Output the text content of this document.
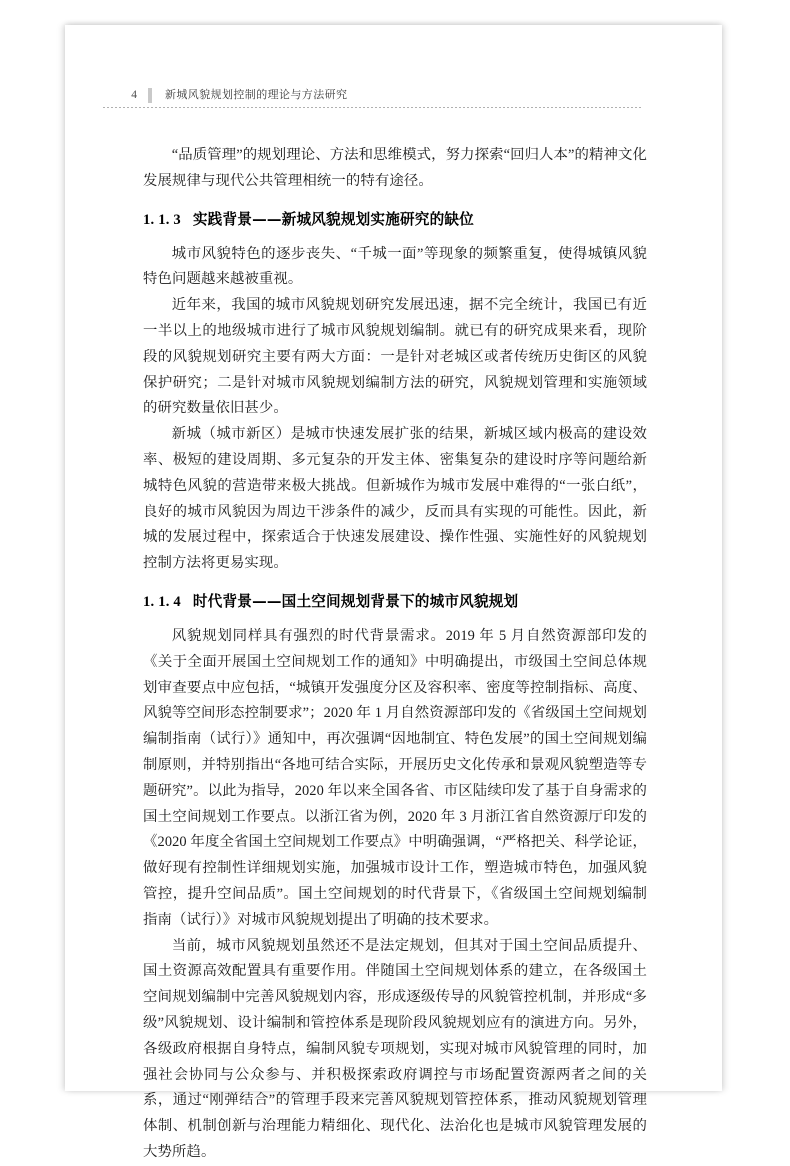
4	新城风貌规划控制的理论与方法研究

“品质管理”的规划理论、方法和思维模式，努力探索“回归人本”的精神文化发展规律与现代公共管理相统一的特有途径。

1. 1. 3 实践背景——新城风貌规划实施研究的缺位

城市风貌特色的逐步丧失、“千城一面”等现象的频繁重复，使得城镇风貌特色问题越来越被重视。

近年来，我国的城市风貌规划研究发展迅速，据不完全统计，我国已有近一半以上的地级城市进行了城市风貌规划编制。就已有的研究成果来看，现阶段的风貌规划研究主要有两大方面：一是针对老城区或者传统历史街区的风貌保护研究；二是针对城市风貌规划编制方法的研究，风貌规划管理和实施领域的研究数量依旧甚少。

新城（城市新区）是城市快速发展扩张的结果，新城区域内极高的建设效率、极短的建设周期、多元复杂的开发主体、密集复杂的建设时序等问题给新城特色风貌的营造带来极大挑战。但新城作为城市发展中难得的“一张白纸”，良好的城市风貌因为周边干涉条件的减少，反而具有实现的可能性。因此，新城的发展过程中，探索适合于快速发展建设、操作性强、实施性好的风貌规划控制方法将更易实现。

1. 1. 4 时代背景——国土空间规划背景下的城市风貌规划

风貌规划同样具有强烈的时代背景需求。2019 年 5 月自然资源部印发的《关于全面开展国土空间规划工作的通知》中明确提出，市级国土空间总体规划审查要点中应包括，“城镇开发强度分区及容积率、密度等控制指标、高度、风貌等空间形态控制要求”；2020 年 1 月自然资源部印发的《省级国土空间规划编制指南（试行）》通知中，再次强调“因地制宜、特色发展”的国土空间规划编制原则，并特别指出“各地可结合实际，开展历史文化传承和景观风貌塑造等专题研究”。以此为指导，2020 年以来全国各省、市区陆续印发了基于自身需求的国土空间规划工作要点。以浙江省为例，2020 年 3 月浙江省自然资源厅印发的《2020 年度全省国土空间规划工作要点》中明确强调，“严格把关、科学论证，做好现有控制性详细规划实施，加强城市设计工作，塑造城市特色，加强风貌管控，提升空间品质”。国土空间规划的时代背景下，《省级国土空间规划编制指南（试行）》对城市风貌规划提出了明确的技术要求。

当前，城市风貌规划虽然还不是法定规划，但其对于国土空间品质提升、国土资源高效配置具有重要作用。伴随国土空间规划体系的建立，在各级国土空间规划编制中完善风貌规划内容，形成逐级传导的风貌管控机制，并形成“多级”风貌规划、设计编制和管控体系是现阶段风貌规划应有的演进方向。另外，各级政府根据自身特点，编制风貌专项规划，实现对城市风貌管理的同时，加强社会协同与公众参与、并积极探索政府调控与市场配置资源两者之间的关系，通过“刚弹结合”的管理手段来完善风貌规划管控体系，推动风貌规划管理体制、机制创新与治理能力精细化、现代化、法治化也是城市风貌管理发展的大势所趋。
